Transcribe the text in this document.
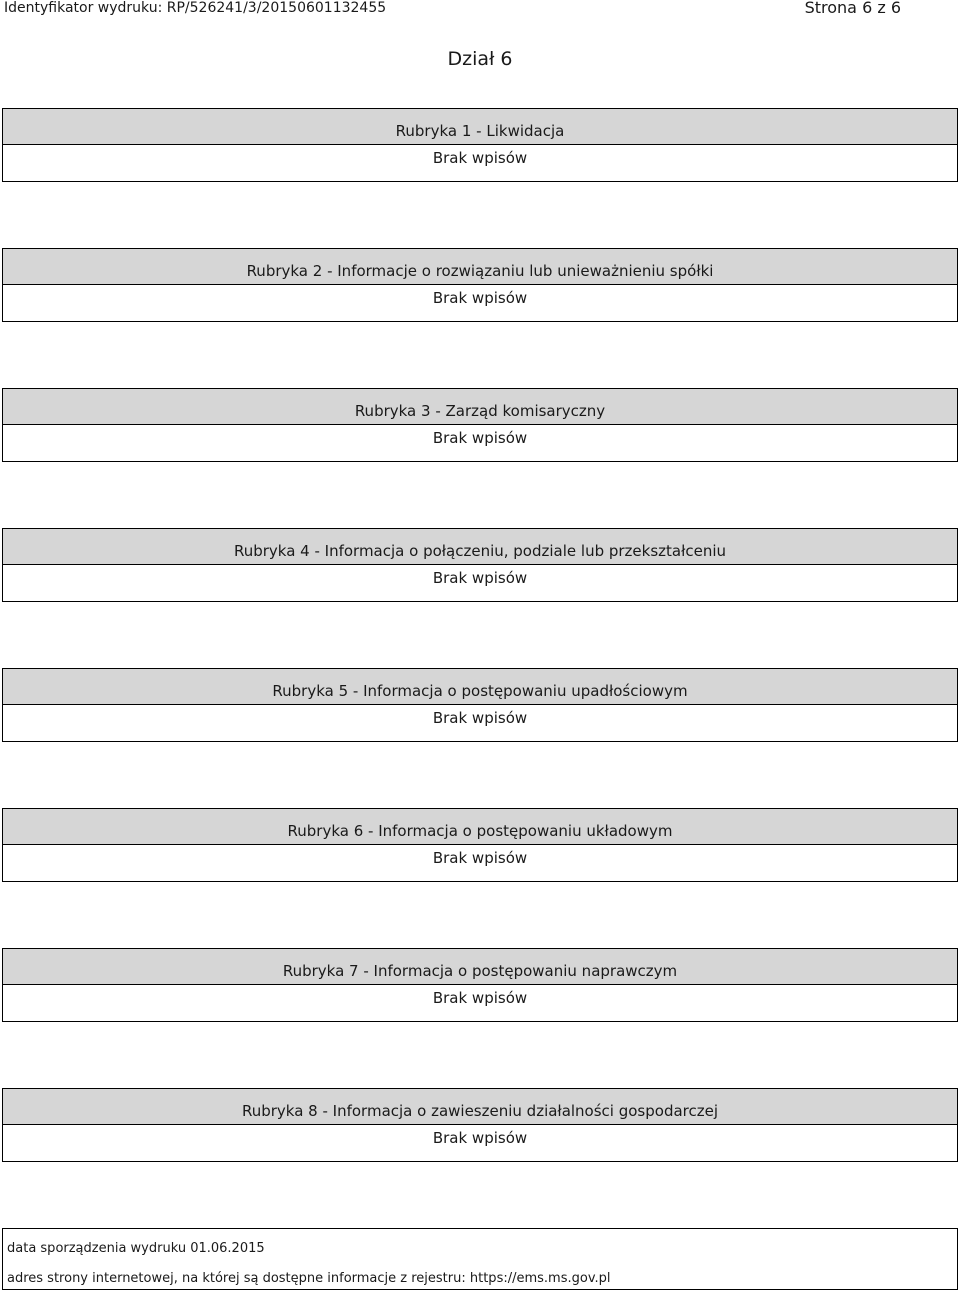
Identyfikator wydruku: RP/526241/3/20150601132455	Strona 6 z 6
Dział 6
Rubryka 1 - Likwidacja
Brak wpisów
Rubryka 2 - Informacje o rozwiązaniu lub unieważnieniu spółki
Brak wpisów
Rubryka 3 - Zarząd komisaryczny
Brak wpisów
Rubryka 4 - Informacja o połączeniu, podziale lub przekształceniu
Brak wpisów
Rubryka 5 - Informacja o postępowaniu upadłościowym
Brak wpisów
Rubryka 6 - Informacja o postępowaniu układowym
Brak wpisów
Rubryka 7 - Informacja o postępowaniu naprawczym
Brak wpisów
Rubryka 8 - Informacja o zawieszeniu działalności gospodarczej
Brak wpisów
data sporządzenia wydruku 01.06.2015
adres strony internetowej, na której są dostępne informacje z rejestru: https://ems.ms.gov.pl
